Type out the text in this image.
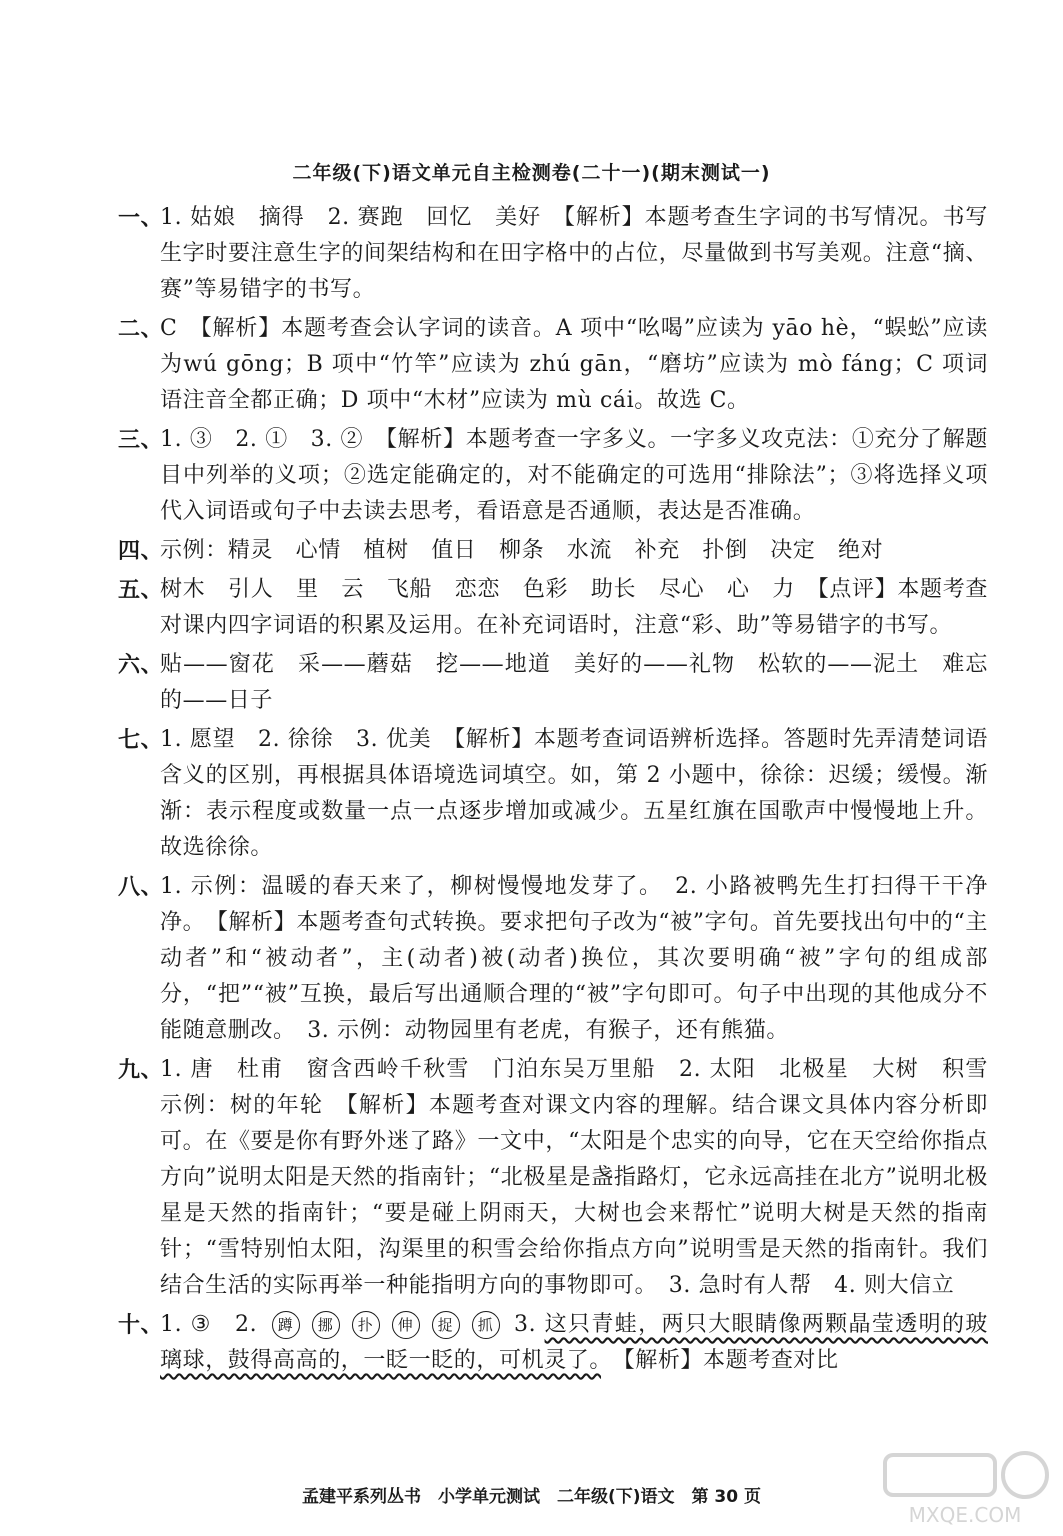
二年级(下)语文单元自主检测卷(二十一)(期末测试一)
一、
1. 姑娘　摘得　2. 赛跑　回忆　美好　【解析】本题考查生字词的书写情况。书写生字时要注意生字的间架结构和在田字格中的占位，尽量做到书写美观。注意“摘、赛”等易错字的书写。
二、
C　【解析】本题考查会认字词的读音。A 项中“吆喝”应读为 yāo hè，“蜈蚣”应读为wú gōng；B 项中“竹竿”应读为 zhú gān，“磨坊”应读为 mò fáng；C 项词语注音全都正确；D 项中“木材”应读为 mù cái。故选 C。
三、
1. ③　2. ①　3. ②　【解析】本题考查一字多义。一字多义攻克法：①充分了解题目中列举的义项；②选定能确定的，对不能确定的可选用“排除法”；③将选择义项代入词语或句子中去读去思考，看语意是否通顺，表达是否准确。
四、
示例：精灵　心情　植树　值日　柳条　水流　补充　扑倒　决定　绝对
五、
树木　引人　里　云　飞船　恋恋　色彩　助长　尽心　心　力　【点评】本题考查对课内四字词语的积累及运用。在补充词语时，注意“彩、助”等易错字的书写。
六、
贴——窗花　采——蘑菇　挖——地道　美好的——礼物　松软的——泥土　难忘的——日子
七、
1. 愿望　2. 徐徐　3. 优美　【解析】本题考查词语辨析选择。答题时先弄清楚词语含义的区别，再根据具体语境选词填空。如，第 2 小题中，徐徐：迟缓；缓慢。渐渐：表示程度或数量一点一点逐步增加或减少。五星红旗在国歌声中慢慢地上升。故选徐徐。
八、
1. 示例：温暖的春天来了，柳树慢慢地发芽了。　2. 小路被鸭先生打扫得干干净净。　【解析】本题考查句式转换。要求把句子改为“被”字句。首先要找出句中的“主动者”和“被动者”，主(动者)被(动者)换位，其次要明确“被”字句的组成部分，“把”“被”互换，最后写出通顺合理的“被”字句即可。句子中出现的其他成分不能随意删改。　3. 示例：动物园里有老虎，有猴子，还有熊猫。
九、
1. 唐　杜甫　窗含西岭千秋雪　门泊东吴万里船　2. 太阳　北极星　大树　积雪　示例：树的年轮　【解析】本题考查对课文内容的理解。结合课文具体内容分析即可。在《要是你有野外迷了路》一文中，“太阳是个忠实的向导，它在天空给你指点方向”说明太阳是天然的指南针；“北极星是盏指路灯，它永远高挂在北方”说明北极星是天然的指南针；“要是碰上阴雨天，大树也会来帮忙”说明大树是天然的指南针；“雪特别怕太阳，沟渠里的积雪会给你指点方向”说明雪是天然的指南针。我们结合生活的实际再举一种能指明方向的事物即可。　3. 急时有人帮　4. 则大信立
十、
1. ③　2. 蹲 挪 扑 伸 捉 抓 3. 这只青蛙，两只大眼睛像两颗晶莹透明的玻璃球，鼓得高高的，一眨一眨的，可机灵了。　 【解析】本题考查对比
孟建平系列丛书　小学单元测试　二年级(下)语文　第 30 页
MXQE.COM
